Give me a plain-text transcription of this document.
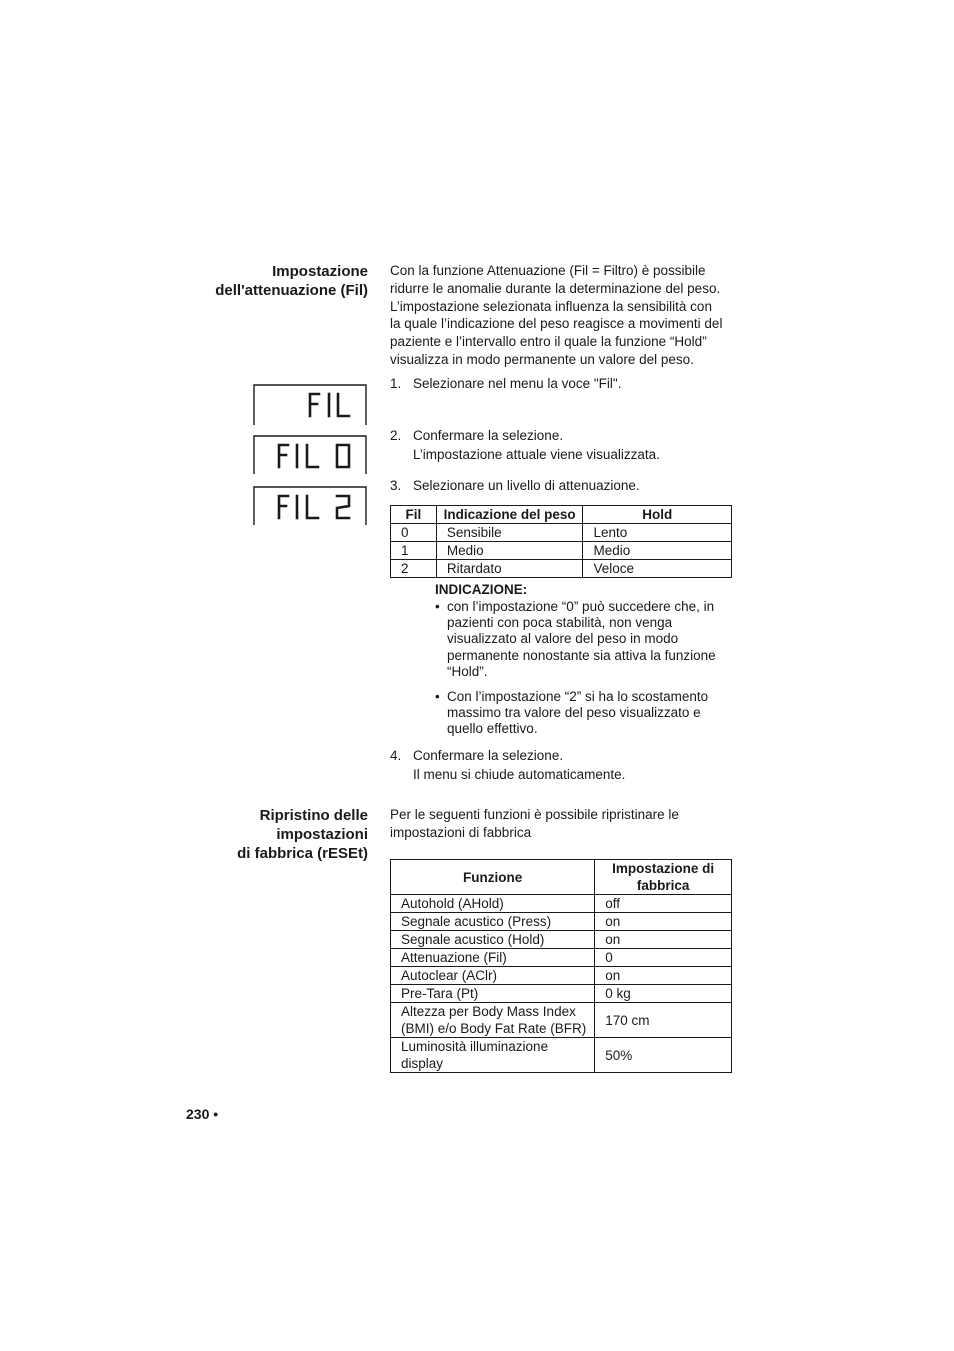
Impostazione
dell'attenuazione (Fil)
Con la funzione Attenuazione (Fil = Filtro) è possibile
ridurre le anomalie durante la determinazione del peso.
L’impostazione selezionata influenza la sensibilità con
la quale l’indicazione del peso reagisce a movimenti del
paziente e l’intervallo entro il quale la funzione “Hold”
visualizza in modo permanente un valore del peso.
Fil
Fil 0
Fil 2
1. Selezionare nel menu la voce "Fil".
2. Confermare la selezione.
L’impostazione attuale viene visualizzata.
3. Selezionare un livello di attenuazione.
Fil	Indicazione del peso	Hold
0	Sensibile	Lento
1	Medio	Medio
2	Ritardato	Veloce
INDICAZIONE:
• con l’impostazione “0” può succedere che, in
pazienti con poca stabilità, non venga
visualizzato al valore del peso in modo
permanente nonostante sia attiva la funzione
“Hold”.
• Con l’impostazione “2” si ha lo scostamento
massimo tra valore del peso visualizzato e
quello effettivo.
4. Confermare la selezione.
Il menu si chiude automaticamente.
Ripristino delle
impostazioni
di fabbrica (rESEt)
Per le seguenti funzioni è possibile ripristinare le
impostazioni di fabbrica
Funzione	Impostazione di fabbrica
Autohold (AHold)	off
Segnale acustico (Press)	on
Segnale acustico (Hold)	on
Attenuazione (Fil)	0
Autoclear (AClr)	on
Pre-Tara (Pt)	0 kg
Altezza per Body Mass Index (BMI) e/o Body Fat Rate (BFR)	170 cm
Luminosità illuminazione display	50%
230 •
